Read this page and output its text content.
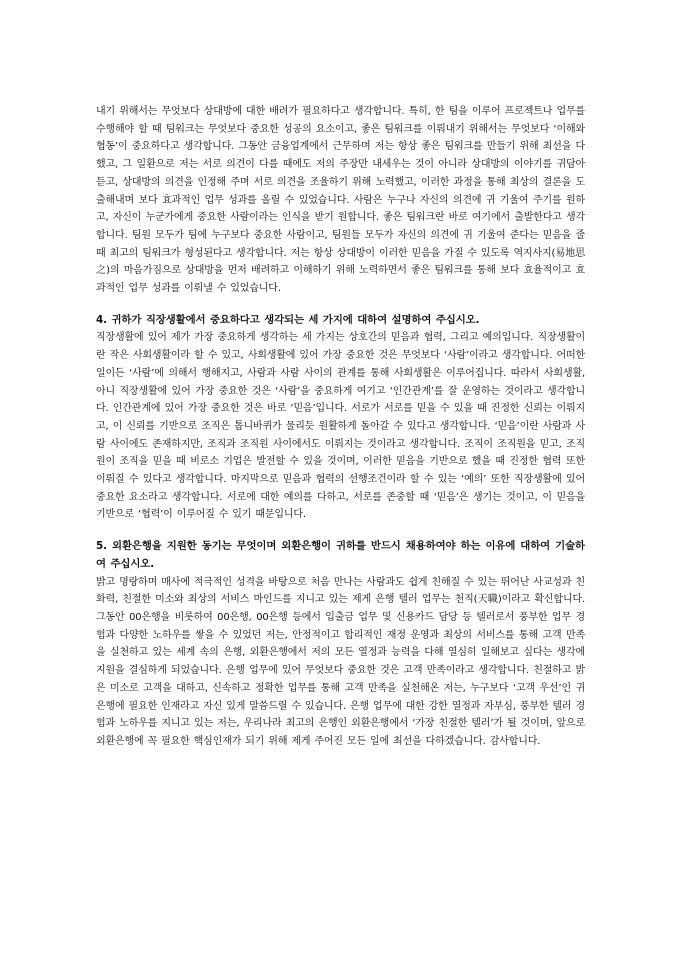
내기 위해서는 무엇보다 상대방에 대한 배려가 필요하다고 생각합니다. 특히, 한 팀을 이루어 프로젝트나 업무를 수행해야 할 때 팀워크는 무엇보다 중요한 성공의 요소이고, 좋은 팀워크를 이뤄내기 위해서는 무엇보다 ‘이해와 협동’이 중요하다고 생각합니다. 그동안 금융업계에서 근무하며 저는 항상 좋은 팀워크를 만들기 위해 최선을 다했고, 그 일환으로 저는 서로 의견이 다를 때에도 저의 주장만 내세우는 것이 아니라 상대방의 이야기를 귀담아 듣고, 상대방의 의견을 인정해 주며 서로 의견을 조율하기 위해 노력했고, 이러한 과정을 통해 최상의 결론을 도출해내며 보다 효과적인 업무 성과를 올릴 수 있었습니다. 사람은 누구나 자신의 의견에 귀 기울여 주기를 원하고, 자신이 누군가에게 중요한 사람이라는 인식을 받기 원합니다. 좋은 팀워크란 바로 여기에서 출발한다고 생각합니다. 팀원 모두가 팀에 누구보다 중요한 사람이고, 팀원들 모두가 자신의 의견에 귀 기울여 준다는 믿음을 줄 때 최고의 팀워크가 형성된다고 생각합니다. 저는 항상 상대방이 이러한 믿음을 가질 수 있도록 역지사지(易地思之)의 마음가짐으로 상대방을 먼저 배려하고 이해하기 위해 노력하면서 좋은 팀워크를 통해 보다 효율적이고 효과적인 업무 성과를 이뤄낼 수 있었습니다.

4. 귀하가 직장생활에서 중요하다고 생각되는 세 가지에 대하여 설명하여 주십시오.

직장생활에 있어 제가 가장 중요하게 생각하는 세 가지는 상호간의 믿음과 협력, 그리고 예의입니다. 직장생활이란 작은 사회생활이라 할 수 있고, 사회생활에 있어 가장 중요한 것은 무엇보다 ‘사람’이라고 생각합니다. 어떠한 일이든 ‘사람’에 의해서 행해지고, 사람과 사람 사이의 관계를 통해 사회생활은 이루어집니다. 따라서 사회생활, 아니 직장생활에 있어 가장 중요한 것은 ‘사람’을 중요하게 여기고 ‘인간관계’를 잘 운영하는 것이라고 생각합니다. 인간관계에 있어 가장 중요한 것은 바로 ‘믿음’입니다. 서로가 서로를 믿을 수 있을 때 진정한 신뢰는 이뤄지고, 이 신뢰를 기반으로 조직은 톱니바퀴가 물리듯 원활하게 돌아갈 수 있다고 생각합니다. ‘믿음’이란 사람과 사람 사이에도 존재하지만, 조직과 조직원 사이에서도 이뤄지는 것이라고 생각합니다. 조직이 조직원을 믿고, 조직원이 조직을 믿을 때 비로소 기업은 발전할 수 있을 것이며, 이러한 믿음을 기반으로 했을 때 진정한 협력 또한 이뤄질 수 있다고 생각합니다. 마지막으로 믿음과 협력의 선행조건이라 할 수 있는 ‘예의’ 또한 직장생활에 있어 중요한 요소라고 생각합니다. 서로에 대한 예의를 다하고, 서로를 존중할 때 ‘믿음’은 생기는 것이고, 이 믿음을 기반으로 ‘협력’이 이루어질 수 있기 때문입니다.

5. 외환은행을 지원한 동기는 무엇이며 외환은행이 귀하를 반드시 채용하여야 하는 이유에 대하여 기술하여 주십시오.

밝고 명랑하며 매사에 적극적인 성격을 바탕으로 처음 만나는 사람과도 쉽게 친해질 수 있는 뛰어난 사교성과 친화력, 친절한 미소와 최상의 서비스 마인드를 지니고 있는 제게 은행 텔러 업무는 천직(天職)이라고 확신합니다. 그동안 00은행을 비롯하여 00은행, 00은행 등에서 입출금 업무 및 신용카드 담당 등 텔러로서 풍부한 업무 경험과 다양한 노하우를 쌓을 수 있었던 저는, 안정적이고 합리적인 재정 운영과 최상의 서비스를 통해 고객 만족을 실천하고 있는 세계 속의 은행, 외환은행에서 저의 모든 열정과 능력을 다해 열심히 일해보고 싶다는 생각에 지원을 결심하게 되었습니다. 은행 업무에 있어 무엇보다 중요한 것은 고객 만족이라고 생각합니다. 친절하고 밝은 미소로 고객을 대하고, 신속하고 정확한 업무를 통해 고객 만족을 실천해온 저는, 누구보다 ‘고객 우선’인 귀 은행에 필요한 인재라고 자신 있게 말씀드릴 수 있습니다. 은행 업무에 대한 강한 열정과 자부심, 풍부한 텔러 경험과 노하우를 지니고 있는 저는, 우리나라 최고의 은행인 외환은행에서 ‘가장 친절한 텔러’가 될 것이며, 앞으로 외환은행에 꼭 필요한 핵심인재가 되기 위해 제게 주어진 모든 일에 최선을 다하겠습니다. 감사합니다.
